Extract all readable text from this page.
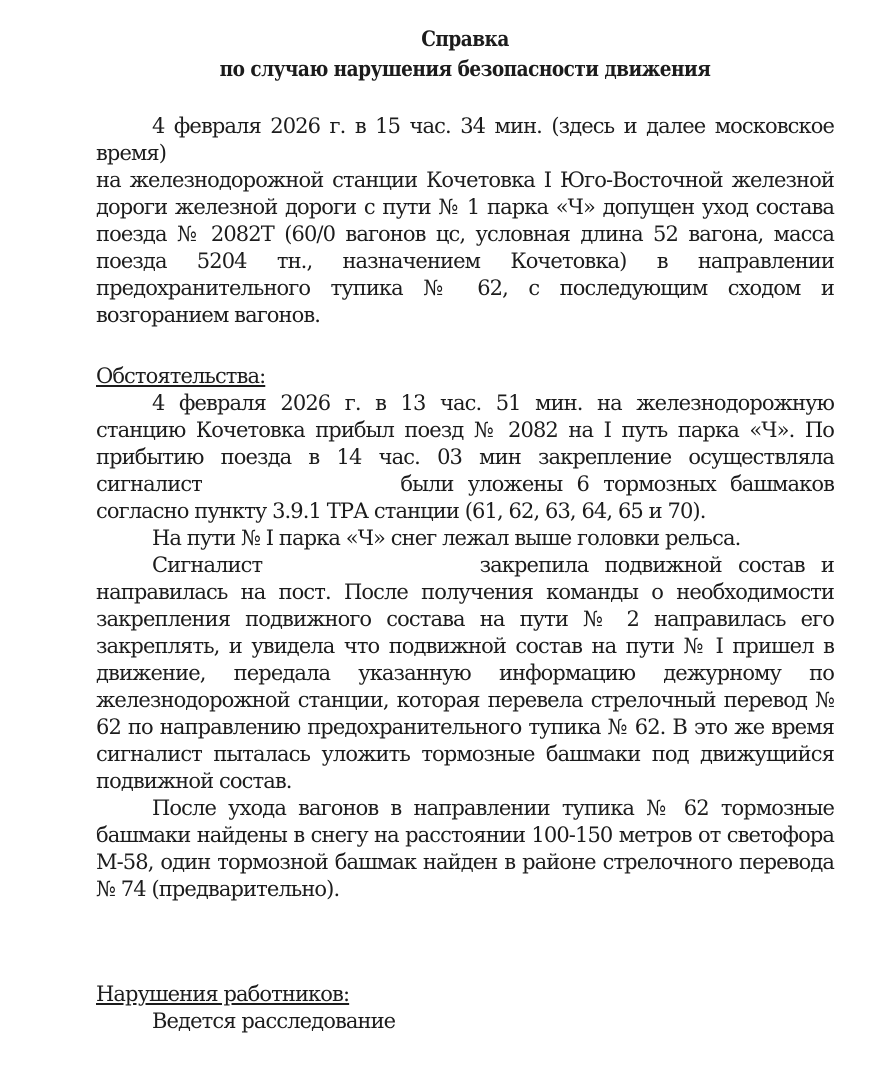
Справка

по случаю нарушения безопасности движения

4 февраля 2026 г. в 15 час. 34 мин. (здесь и далее московское время)

на железнодорожной станции Кочетовка I Юго-Восточной железной дороги железной дороги с пути № 1 парка «Ч» допущен уход состава поезда № 2082Т (60/0 вагонов цс, условная длина 52 вагона, масса поезда 5204 тн., назначением Кочетовка) в направлении предохранительного тупика № 62, с последующим сходом и возгоранием вагонов.

Обстоятельства:

4 февраля 2026 г. в 13 час. 51 мин. на железнодорожную станцию Кочетовка прибыл поезд № 2082 на I путь парка «Ч». По прибытию поезда в 14 час. 03 мин закрепление осуществляла сигналист	были уложены 6 тормозных башмаков согласно пункту 3.9.1 ТРА станции (61, 62, 63, 64, 65 и 70).

На пути № I парка «Ч» снег лежал выше головки рельса.

Сигналист	закрепила подвижной состав и направилась на пост. После получения команды о необходимости закрепления подвижного состава на пути № 2 направилась его закреплять, и увидела что подвижной состав на пути № I пришел в движение, передала указанную информацию дежурному по железнодорожной станции, которая перевела стрелочный перевод № 62 по направлению предохранительного тупика № 62. В это же время сигналист пыталась уложить тормозные башмаки под движущийся подвижной состав.

После ухода вагонов в направлении тупика № 62 тормозные башмаки найдены в снегу на расстоянии 100-150 метров от светофора М-58, один тормозной башмак найден в районе стрелочного перевода № 74 (предварительно).

Нарушения работников:

Ведется расследование
